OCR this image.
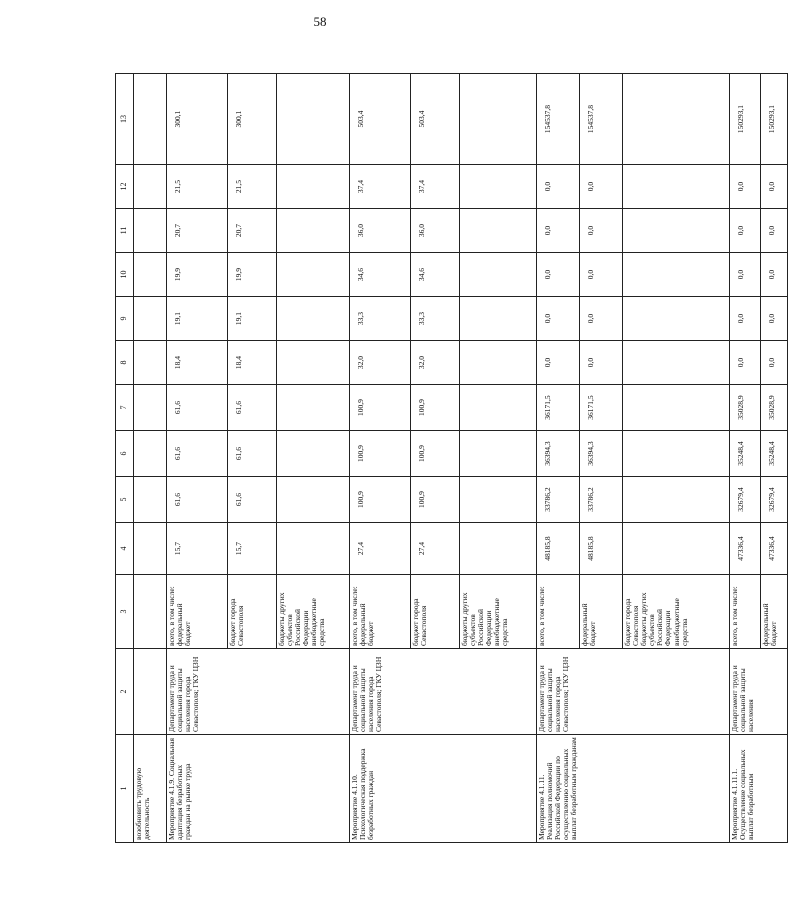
58
1	2	3	4	5	6	7	8	9	10	11	12	13
возобновить трудовую деятельность												
Мероприятие 4.1.9. Социальная адаптация безработных граждан на рынке труда	Департамент труда и социальной защиты населения города Севастополя; ГКУ ЦЗН	всего, в том числе: федеральный бюджет	15,7	61,6	61,6	61,6	18,4	19,1	19,9	20,7	21,5	300,1
		бюджет города Севастополя	15,7	61,6	61,6	61,6	18,4	19,1	19,9	20,7	21,5	300,1
		бюджеты других субъектов Российской Федерации внебюджетные средства										
Мероприятие 4.1.10. Психологическая поддержка безработных граждан	Департамент труда и социальной защиты населения города Севастополя; ГКУ ЦЗН	всего, в том числе: федеральный бюджет	27,4	100,9	100,9	100,9	32,0	33,3	34,6	36,0	37,4	503,4
		бюджет города Севастополя	27,4	100,9	100,9	100,9	32,0	33,3	34,6	36,0	37,4	503,4
		бюджеты других субъектов Российской Федерации внебюджетные средства										
Мероприятие 4.1.11. Реализация полномочий Российской Федерации по осуществлению социальных выплат безработным гражданам	Департамент труда и социальной защиты населения города Севастополя; ГКУ ЦЗН	всего, в том числе:	48185,8	33786,2	36394,3	36171,5	0,0	0,0	0,0	0,0	0,0	154537,8
		федеральный бюджет	48185,8	33786,2	36394,3	36171,5	0,0	0,0	0,0	0,0	0,0	154537,8
		бюджет города Севастополя бюджеты других субъектов Российской Федерации внебюджетные средства										
Мероприятие 4.1.11.1. Осуществление социальных выплат безработным	Департамент труда и социальной защиты населения	всего, в том числе:	47336,4	32679,4	35248,4	35028,9	0,0	0,0	0,0	0,0	0,0	150293,1
		федеральный бюджет	47336,4	32679,4	35248,4	35028,9	0,0	0,0	0,0	0,0	0,0	150293,1
